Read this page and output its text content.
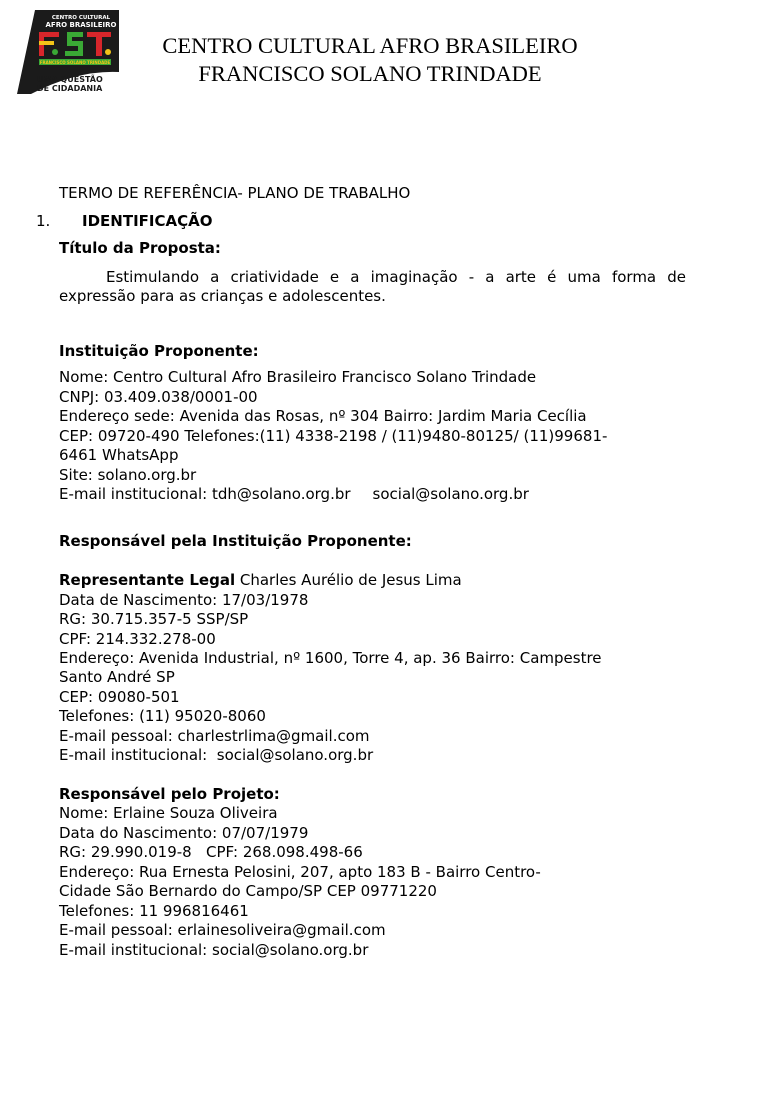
CENTRO CULTURAL
AFRO BRASILEIRO
FRANCISCO SOLANO TRINDADE
UMA QUESTÃO
DE CIDADANIA
CENTRO CULTURAL AFRO BRASILEIRO
FRANCISCO SOLANO TRINDADE
TERMO DE REFERÊNCIA- PLANO DE TRABALHO
1. IDENTIFICAÇÃO
Título da Proposta:
Estimulando a criatividade e a imaginação - a arte é uma forma de
expressão para as crianças e adolescentes.
Instituição Proponente:
Nome: Centro Cultural Afro Brasileiro Francisco Solano Trindade
CNPJ: 03.409.038/0001-00
Endereço sede: Avenida das Rosas, nº 304 Bairro: Jardim Maria Cecília
CEP: 09720-490 Telefones:(11) 4338-2198 / (11)9480-80125/ (11)99681-
6461 WhatsApp
Site: solano.org.br
E-mail institucional: tdh@solano.org.br social@solano.org.br
Responsável pela Instituição Proponente:
Representante Legal Charles Aurélio de Jesus Lima
Data de Nascimento: 17/03/1978
RG: 30.715.357-5 SSP/SP
CPF: 214.332.278-00
Endereço: Avenida Industrial, nº 1600, Torre 4, ap. 36 Bairro: Campestre
Santo André SP
CEP: 09080-501
Telefones: (11) 95020-8060
E-mail pessoal: charlestrlima@gmail.com
E-mail institucional:  social@solano.org.br
Responsável pelo Projeto:
Nome: Erlaine Souza Oliveira
Data do Nascimento: 07/07/1979
RG: 29.990.019-8   CPF: 268.098.498-66
Endereço: Rua Ernesta Pelosini, 207, apto 183 B - Bairro Centro-
Cidade São Bernardo do Campo/SP CEP 09771220
Telefones: 11 996816461
E-mail pessoal: erlainesoliveira@gmail.com
E-mail institucional: social@solano.org.br
